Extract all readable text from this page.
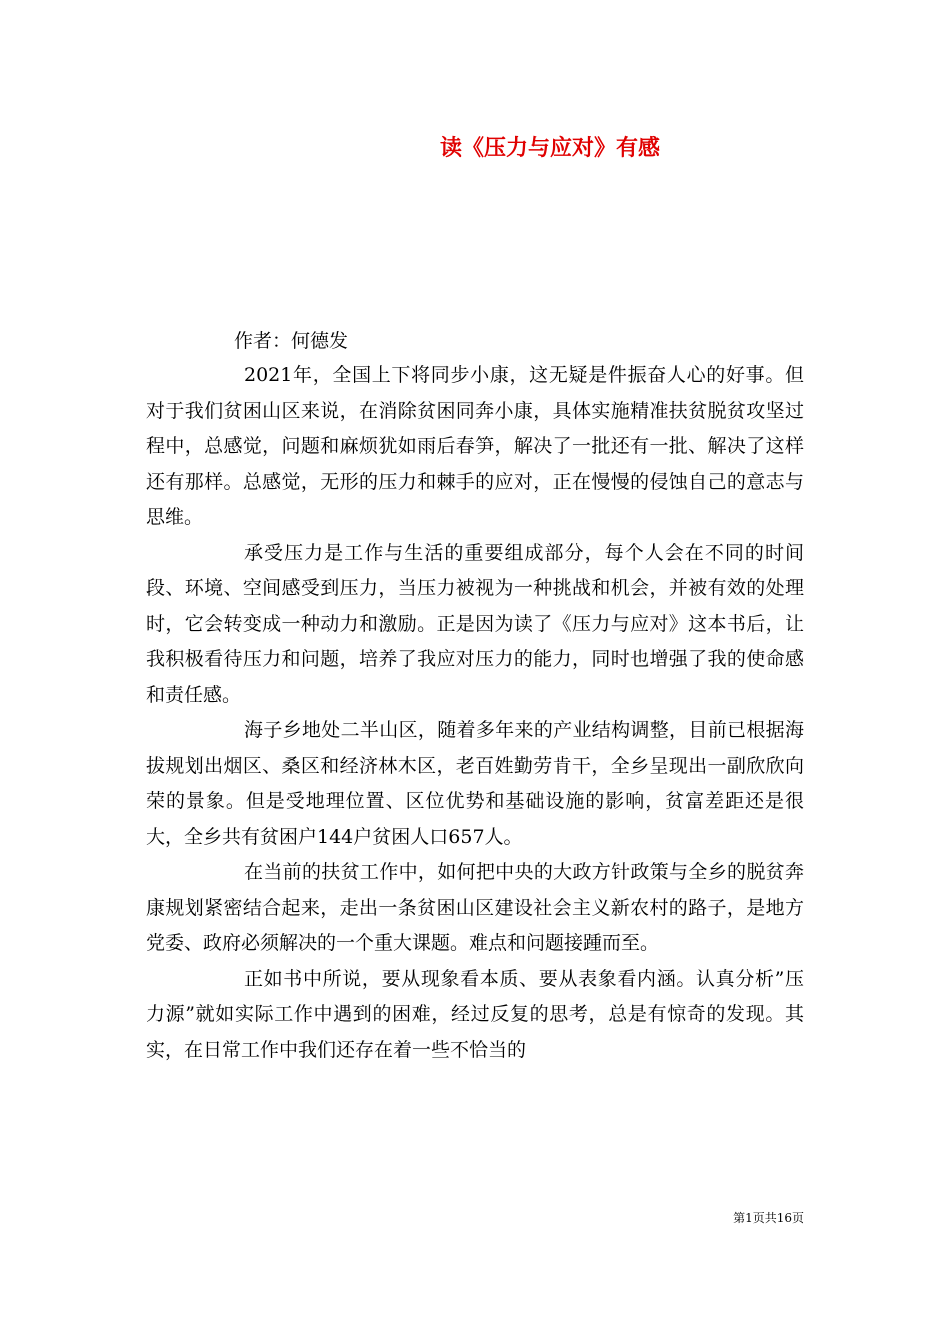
读《压力与应对》有感

作者：何德发

2021年，全国上下将同步小康，这无疑是件振奋人心的好事。但对于我们贫困山区来说，在消除贫困同奔小康，具体实施精准扶贫脱贫攻坚过程中，总感觉，问题和麻烦犹如雨后春笋，解决了一批还有一批、解决了这样还有那样。总感觉，无形的压力和棘手的应对，正在慢慢的侵蚀自己的意志与思维。

承受压力是工作与生活的重要组成部分，每个人会在不同的时间段、环境、空间感受到压力，当压力被视为一种挑战和机会，并被有效的处理时，它会转变成一种动力和激励。正是因为读了《压力与应对》这本书后，让我积极看待压力和问题，培养了我应对压力的能力，同时也增强了我的使命感和责任感。

海子乡地处二半山区，随着多年来的产业结构调整，目前已根据海拔规划出烟区、桑区和经济林木区，老百姓勤劳肯干，全乡呈现出一副欣欣向荣的景象。但是受地理位置、区位优势和基础设施的影响，贫富差距还是很大，全乡共有贫困户144户贫困人口657人。

在当前的扶贫工作中，如何把中央的大政方针政策与全乡的脱贫奔康规划紧密结合起来，走出一条贫困山区建设社会主义新农村的路子，是地方党委、政府必须解决的一个重大课题。难点和问题接踵而至。

正如书中所说，要从现象看本质、要从表象看内涵。认真分析”压力源”就如实际工作中遇到的困难，经过反复的思考，总是有惊奇的发现。其实，在日常工作中我们还存在着一些不恰当的

第1页共16页
